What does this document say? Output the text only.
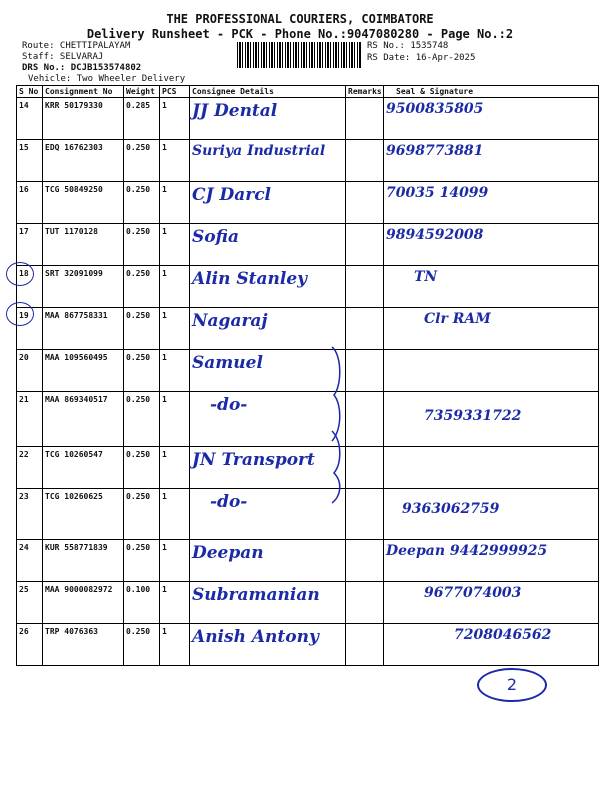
THE PROFESSIONAL COURIERS, COIMBATORE
Delivery Runsheet - PCK - Phone No.:9047080280 - Page No.:2
Route: CHETTIPALAYAM
Staff: SELVARAJ
DRS No.: DCJB153574802
Vehicle: Two Wheeler Delivery
RS No.: 1535748
RS Date: 16-Apr-2025
S No	Consignment No	Weight	PCS	Consignee Details	Remarks	Seal & Signature
14	KRR 50179330	0.285	1	JJ Dental		9500835805
15	EDQ 16762303	0.250	1	Suriya Industrial		9698773881
16	TCG 50849250	0.250	1	CJ Darcl		70035 14099
17	TUT 1170128	0.250	1	Sofia		9894592008
18	SRT 32091099	0.250	1	Alin Stanley		TN
19	MAA 867758331	0.250	1	Nagaraj		Clr RAM
20	MAA 109560495	0.250	1	Samuel		
21	MAA 869340517	0.250	1	-do-		7359331722
22	TCG 10260547	0.250	1	JN Transport		
23	TCG 10260625	0.250	1	-do-		9363062759
24	KUR 558771839	0.250	1	Deepan		Deepan 9442999925
25	MAA 9000082972	0.100	1	Subramanian		9677074003
26	TRP 4076363	0.250	1	Anish Antony		7208046562
2
